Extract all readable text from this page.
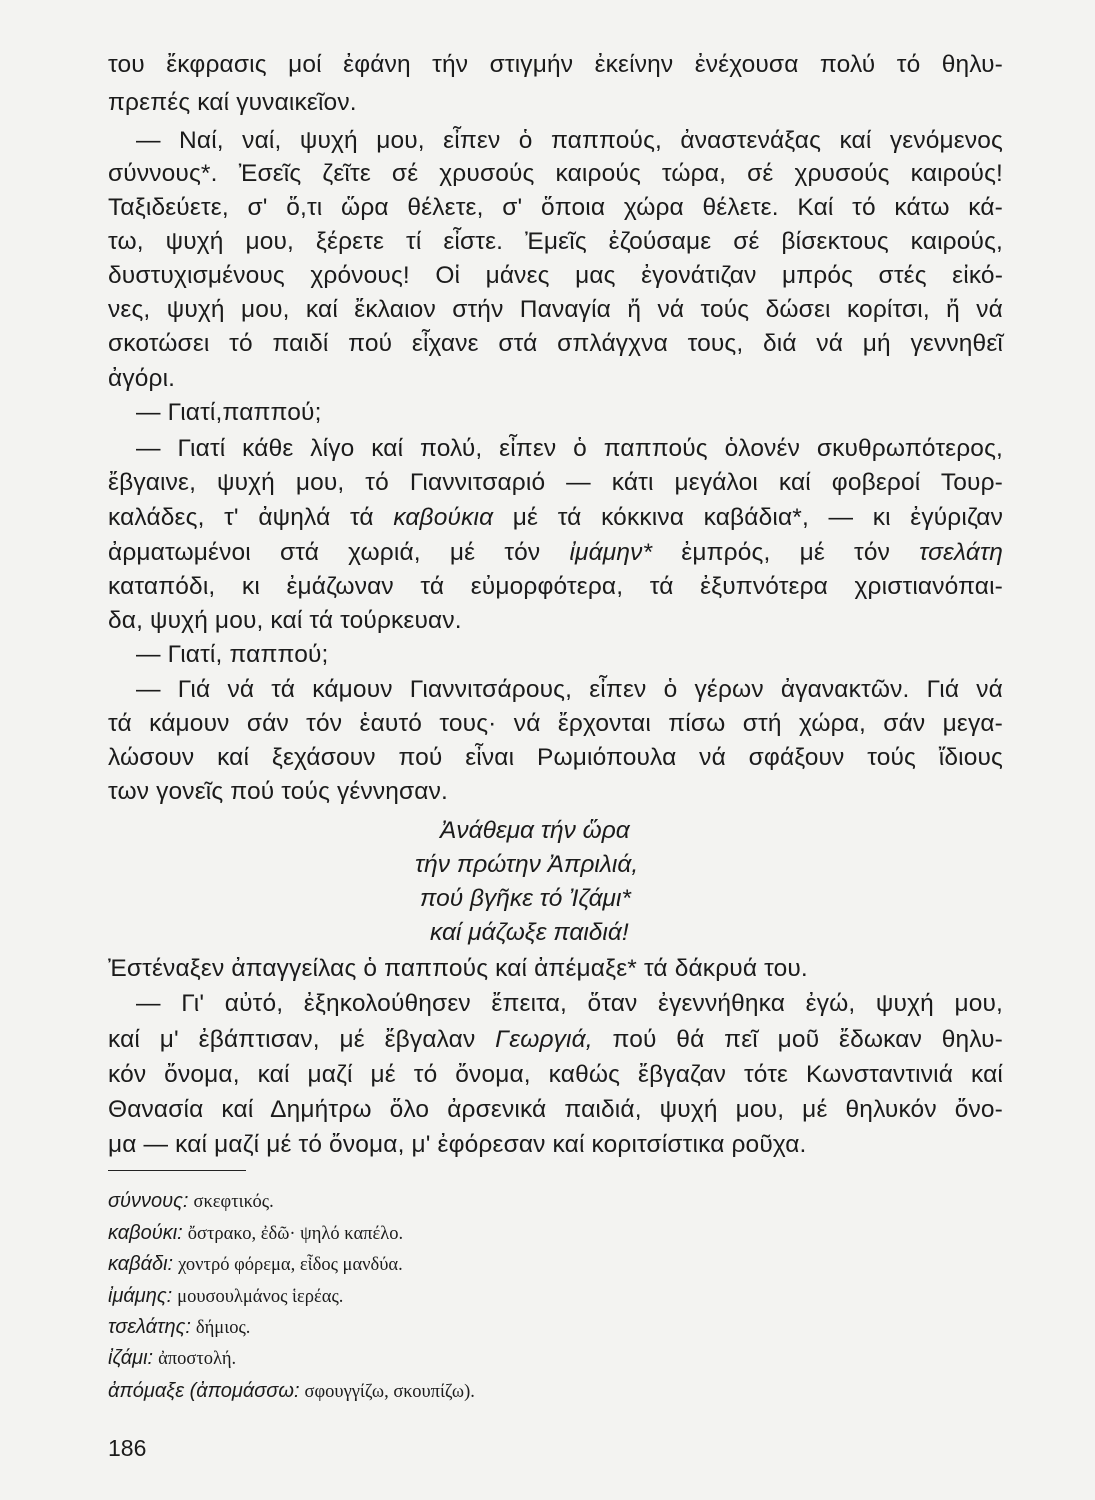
του ἔκφρασις μοί ἐφάνη τήν στιγμήν ἐκείνην ἐνέχουσα πολύ τό θηλυ-
πρεπές καί γυναικεῖον.
— Ναί, ναί, ψυχή μου, εἶπεν ὁ παππούς, ἀναστενάξας καί γενόμενος
σύννους*. Ἐσεῖς ζεῖτε σέ χρυσούς καιρούς τώρα, σέ χρυσούς καιρούς!
Ταξιδεύετε, σ' ὅ,τι ὥρα θέλετε, σ' ὅποια χώρα θέλετε. Καί τό κάτω κά-
τω, ψυχή μου, ξέρετε τί εἶστε. Ἐμεῖς ἐζούσαμε σέ βίσεκτους καιρούς,
δυστυχισμένους χρόνους! Οἱ μάνες μας ἐγονάτιζαν μπρός στές εἰκό-
νες, ψυχή μου, καί ἔκλαιον στήν Παναγία ἤ νά τούς δώσει κορίτσι, ἤ νά
σκοτώσει τό παιδί πού εἶχανε στά σπλάγχνα τους, διά νά μή γεννηθεῖ
ἀγόρι.
— Γιατί,παππού;
— Γιατί κάθε λίγο καί πολύ, εἶπεν ὁ παππούς ὁλονέν σκυθρωπότερος,
ἔβγαινε, ψυχή μου, τό Γιαννιτσαριό — κάτι μεγάλοι καί φοβεροί Τουρ-
καλάδες, τ' ἀψηλά τά καβούκια μέ τά κόκκινα καβάδια*, — κι ἐγύριζαν
ἀρματωμένοι στά χωριά, μέ τόν ἰμάμην* ἐμπρός, μέ τόν τσελάτη
καταπόδι, κι ἐμάζωναν τά εὐμορφότερα, τά ἐξυπνότερα χριστιανόπαι-
δα, ψυχή μου, καί τά τούρκευαν.
— Γιατί, παππού;
— Γιά νά τά κάμουν Γιαννιτσάρους, εἶπεν ὁ γέρων ἀγανακτῶν. Γιά νά
τά κάμουν σάν τόν ἑαυτό τους· νά ἔρχονται πίσω στή χώρα, σάν μεγα-
λώσουν καί ξεχάσουν πού εἶναι Ρωμιόπουλα νά σφάξουν τούς ἴδιους
των γονεῖς πού τούς γέννησαν.
Ἀνάθεμα τήν ὥρα
τήν πρώτην Ἀπριλιά,
πού βγῆκε τό Ἰζάμι*
καί μάζωξε παιδιά!
Ἐστέναξεν ἀπαγγείλας ὁ παππούς καί ἀπέμαξε* τά δάκρυά του.
— Γι' αὐτό, ἐξηκολούθησεν ἔπειτα, ὅταν ἐγεννήθηκα ἐγώ, ψυχή μου,
καί μ' ἐβάπτισαν, μέ ἔβγαλαν Γεωργιά, πού θά πεῖ μοῦ ἔδωκαν θηλυ-
κόν ὄνομα, καί μαζί μέ τό ὄνομα, καθώς ἔβγαζαν τότε Κωνσταντινιά καί
Θανασία καί Δημήτρω ὅλο ἀρσενικά παιδιά, ψυχή μου, μέ θηλυκόν ὄνο-
μα — καί μαζί μέ τό ὄνομα, μ' ἐφόρεσαν καί κοριτσίστικα ροῦχα.
σύννους: σκεφτικός.
καβούκι: ὄστρακο, ἐδῶ· ψηλό καπέλο.
καβάδι: χοντρό φόρεμα, εἶδος μανδύα.
ἰμάμης: μουσουλμάνος ἱερέας.
τσελάτης: δήμιος.
ἰζάμι: ἀποστολή.
ἀπόμαξε (ἀπομάσσω: σφουγγίζω, σκουπίζω).
186
